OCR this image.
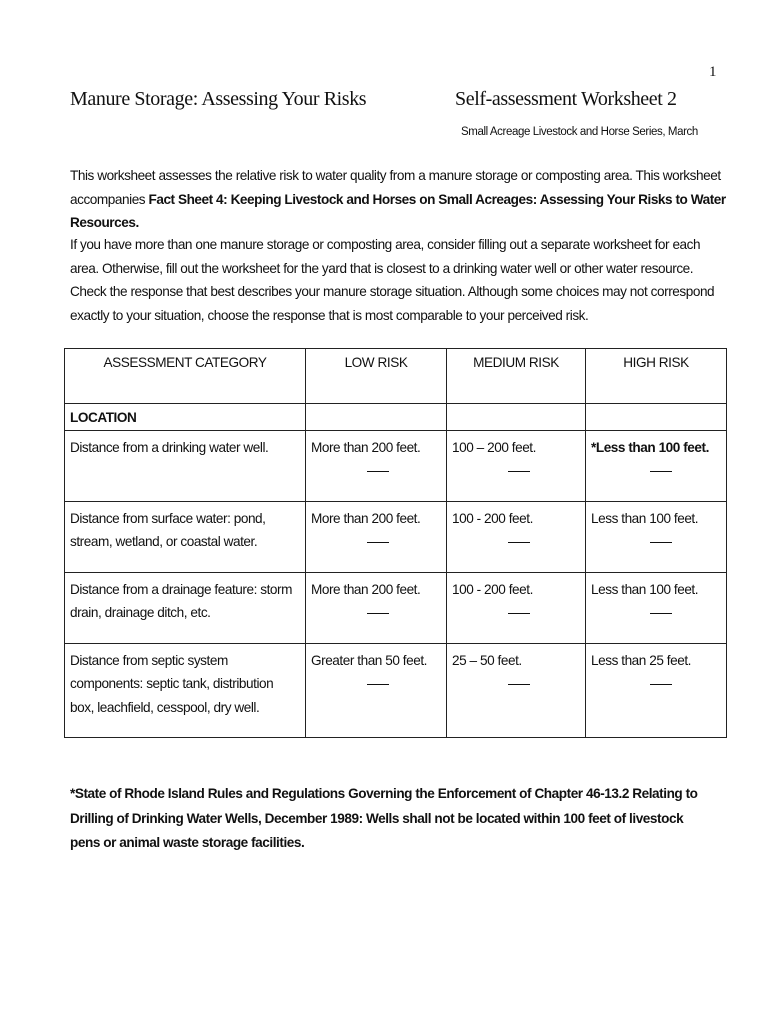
1
Manure Storage: Assessing Your Risks	Self-assessment Worksheet 2
Small Acreage Livestock and Horse Series, March
This worksheet assesses the relative risk to water quality from a manure storage or composting area. This worksheet accompanies Fact Sheet 4: Keeping Livestock and Horses on Small Acreages: Assessing Your Risks to Water Resources.
If you have more than one manure storage or composting area, consider filling out a separate worksheet for each area. Otherwise, fill out the worksheet for the yard that is closest to a drinking water well or other water resource. Check the response that best describes your manure storage situation. Although some choices may not correspond exactly to your situation, choose the response that is most comparable to your perceived risk.
ASSESSMENT CATEGORY	LOW RISK	MEDIUM RISK	HIGH RISK
LOCATION			
Distance from a drinking water well.	More than 200 feet.	100 – 200 feet.	*Less than 100 feet.

Distance from surface water: pond, stream, wetland, or coastal water.	More than 200 feet.	100 - 200 feet.	Less than 100 feet.

Distance from a drainage feature: storm drain, drainage ditch, etc.	More than 200 feet.	100 - 200 feet.	Less than 100 feet.

Distance from septic system components: septic tank, distribution box, leachfield, cesspool, dry well.	Greater than 50 feet.	25 – 50 feet.	Less than 25 feet.
*State of Rhode Island Rules and Regulations Governing the Enforcement of Chapter 46-13.2 Relating to Drilling of Drinking Water Wells, December 1989: Wells shall not be located within 100 feet of livestock pens or animal waste storage facilities.
